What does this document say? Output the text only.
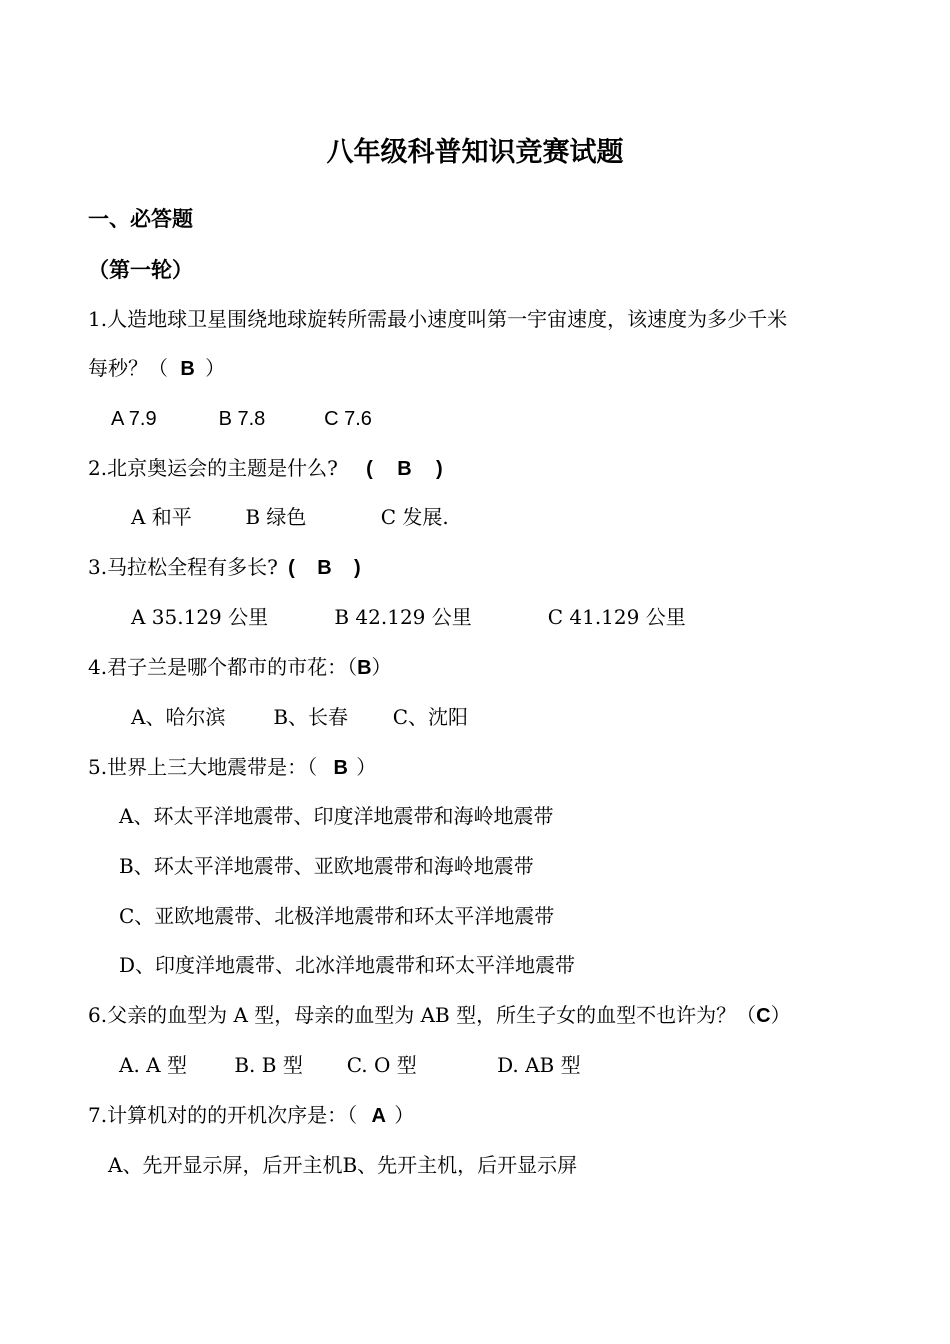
八年级科普知识竞赛试题
一、必答题
（第一轮）
1.人造地球卫星围绕地球旋转所需最小速度叫第一宇宙速度，该速度为多少千米
每秒？（ B ）
A 7.9	B 7.8	C 7.6
2.北京奥运会的主题是什么? ( B )
A 和平	B 绿色	C 发展.
3.马拉松全程有多长? ( B )
A 35.129 公里	B 42.129 公里	C 41.129 公里
4.君子兰是哪个都市的市花：（B）
A、哈尔滨 B、长春 C、沈阳
5.世界上三大地震带是：（ B ）
A、环太平洋地震带、印度洋地震带和海岭地震带
B、环太平洋地震带、亚欧地震带和海岭地震带
C、亚欧地震带、北极洋地震带和环太平洋地震带
D、印度洋地震带、北冰洋地震带和环太平洋地震带
6.父亲的血型为 A 型，母亲的血型为 AB 型，所生子女的血型不也许为？（C）
A. A 型 B. B 型 C. O 型	D. AB 型
7.计算机对的的开机次序是：（ A ）
A、先开显示屏，后开主机B、先开主机，后开显示屏
